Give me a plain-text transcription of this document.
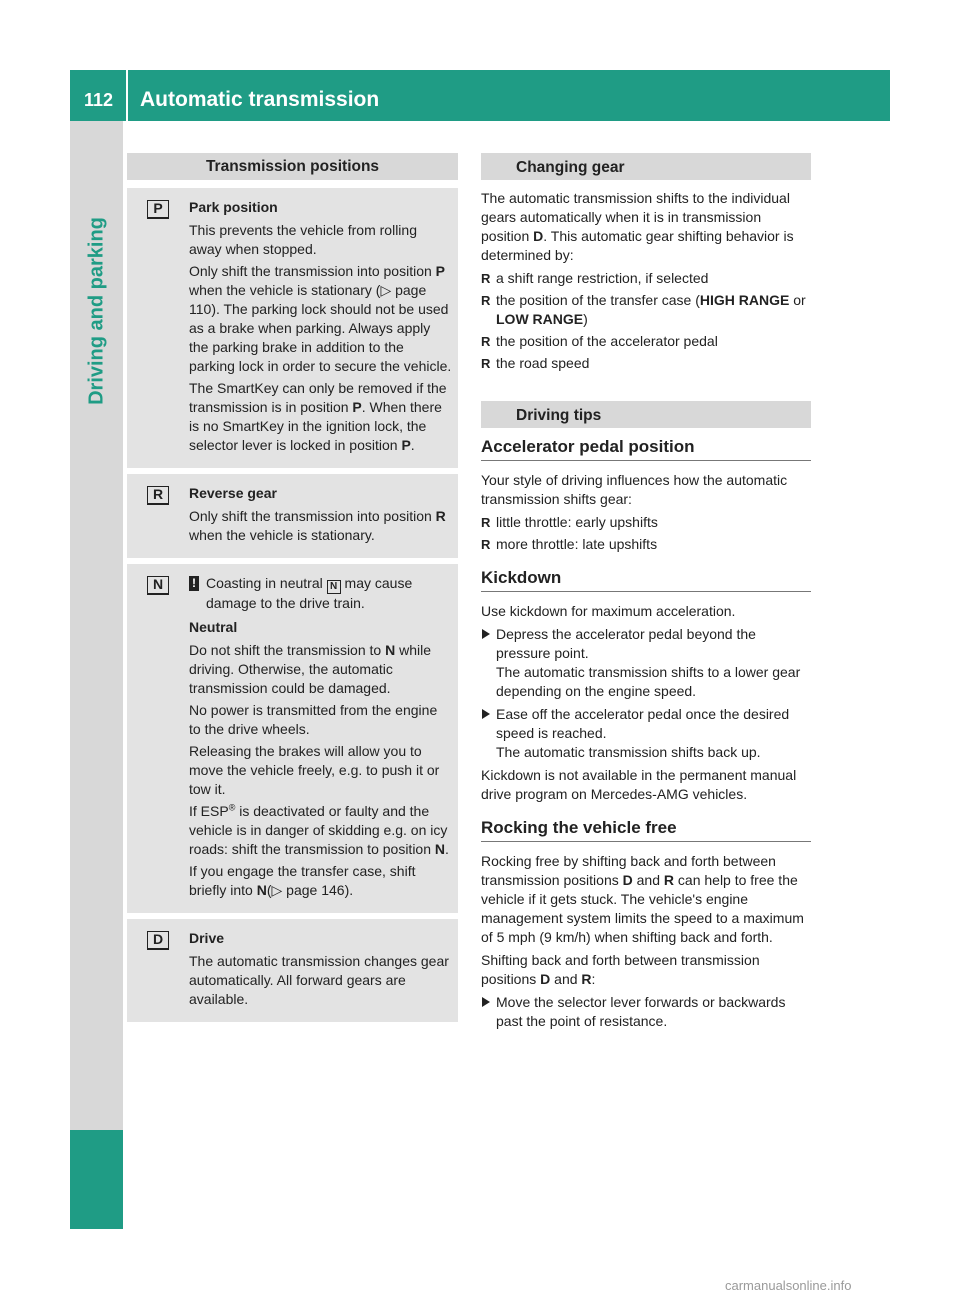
112 Automatic transmission
Driving and parking
Transmission positions
P	Park position

This prevents the vehicle from rolling away when stopped.

Only shift the transmission into position P when the vehicle is stationary (▷ page 110). The parking lock should not be used as a brake when parking. Always apply the parking brake in addition to the parking lock in order to secure the vehicle.

The SmartKey can only be removed if the transmission is in position P. When there is no SmartKey in the ignition lock, the selector lever is locked in position P.

R	Reverse gear

Only shift the transmission into position R when the vehicle is stationary.

N	! Coasting in neutral N may cause damage to the drive train.

Neutral

Do not shift the transmission to N while driving. Otherwise, the automatic transmission could be damaged.

No power is transmitted from the engine to the drive wheels.

Releasing the brakes will allow you to move the vehicle freely, e.g. to push it or tow it.

If ESP® is deactivated or faulty and the vehicle is in danger of skidding e.g. on icy roads: shift the transmission to position N.

If you engage the transfer case, shift briefly into N(▷ page 146).

D	Drive

The automatic transmission changes gear automatically. All forward gears are available.

Changing gear

The automatic transmission shifts to the individual gears automatically when it is in transmission position D. This automatic gear shifting behavior is determined by:

R a shift range restriction, if selected
R the position of the transfer case (HIGH RANGE or LOW RANGE)
R the position of the accelerator pedal
R the road speed
Driving tips
Accelerator pedal position

Your style of driving influences how the automatic transmission shifts gear:

R little throttle: early upshifts
R more throttle: late upshifts
Kickdown

Use kickdown for maximum acceleration.

Depress the accelerator pedal beyond the pressure point.
The automatic transmission shifts to a lower gear depending on the engine speed.
Ease off the accelerator pedal once the desired speed is reached.
The automatic transmission shifts back up.

Kickdown is not available in the permanent manual drive program on Mercedes-AMG vehicles.

Rocking the vehicle free

Rocking free by shifting back and forth between transmission positions D and R can help to free the vehicle if it gets stuck. The vehicle's engine management system limits the speed to a maximum of 5 mph (9 km/h) when shifting back and forth.

Shifting back and forth between transmission positions D and R:

Move the selector lever forwards or backwards past the point of resistance.
carmanualsonline.info
